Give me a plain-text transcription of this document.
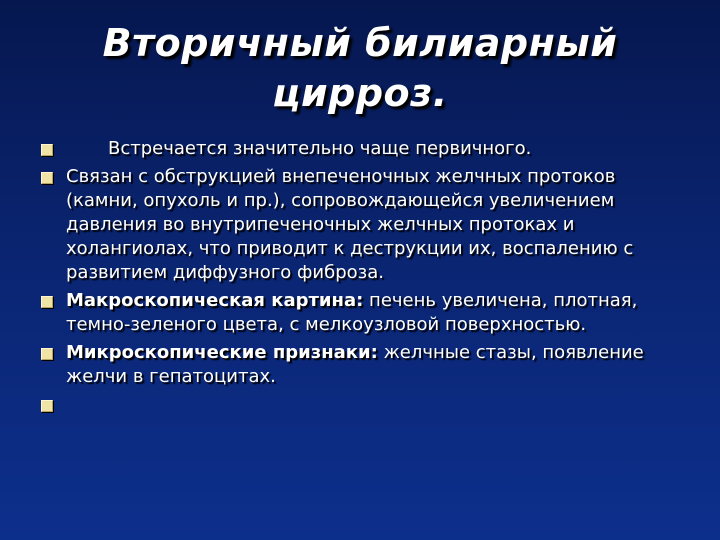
Вторичный билиарный
цирроз.
Встречается значительно чаще первичного.
Связан с обструкцией внепеченочных желчных протоков (камни, опухоль и пр.), сопровождающейся увеличением давления во внутрипеченочных желчных протоках и холангиолах, что приводит к деструкции их, воспалению с развитием диффузного фиброза.
Макроскопическая картина: печень увеличена, плотная, темно-зеленого цвета, с мелкоузловой поверхностью.
Микроскопические признаки: желчные стазы, появление желчи в гепатоцитах.
